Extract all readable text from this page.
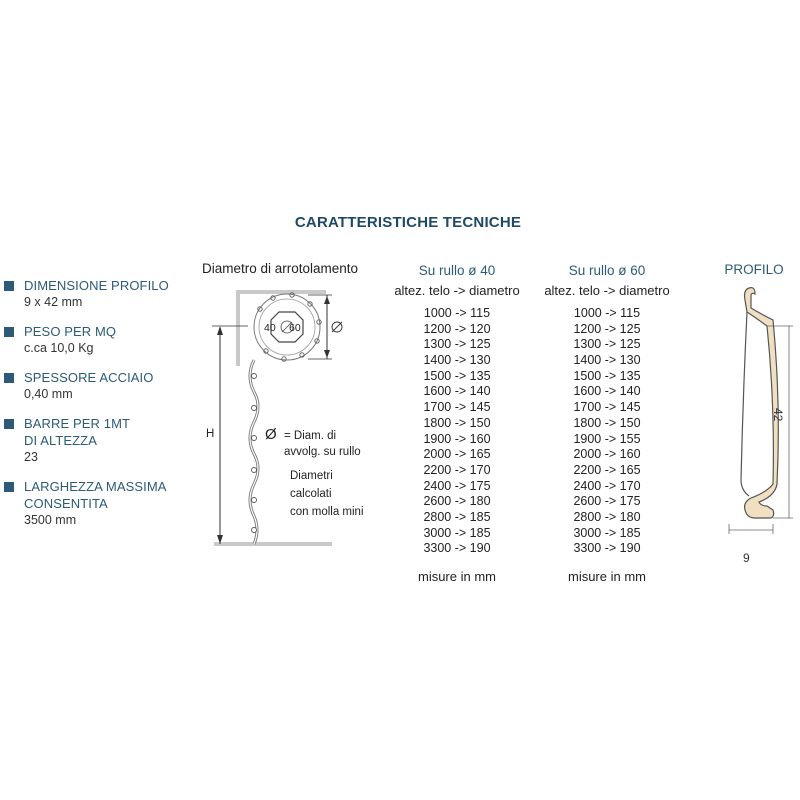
CARATTERISTICHE TECNICHE
DIMENSIONE PROFILO
9 x 42 mm
PESO PER MQ
c.ca 10,0 Kg
SPESSORE ACCIAIO
0,40 mm
BARRE PER 1MT
DI ALTEZZA
23
LARGHEZZA MASSIMA
CONSENTITA
3500 mm
Diametro di arrotolamento
H
40 60
Ø = Diam. di
avvolg. su rullo
Diametri
calcolati
con molla mini
Su rullo ø 40
altez. telo -> diametro
1000 -> 115
1200 -> 120
1300 -> 125
1400 -> 130
1500 -> 135
1600 -> 140
1700 -> 145
1800 -> 150
1900 -> 160
2000 -> 165
2200 -> 170
2400 -> 175
2600 -> 180
2800 -> 185
3000 -> 185
3300 -> 190
misure in mm
Su rullo ø 60
altez. telo -> diametro
1000 -> 115
1200 -> 125
1300 -> 125
1400 -> 130
1500 -> 135
1600 -> 140
1700 -> 145
1800 -> 150
1900 -> 155
2000 -> 160
2200 -> 165
2400 -> 170
2600 -> 175
2800 -> 180
3000 -> 185
3300 -> 190
misure in mm
PROFILO
42
9
